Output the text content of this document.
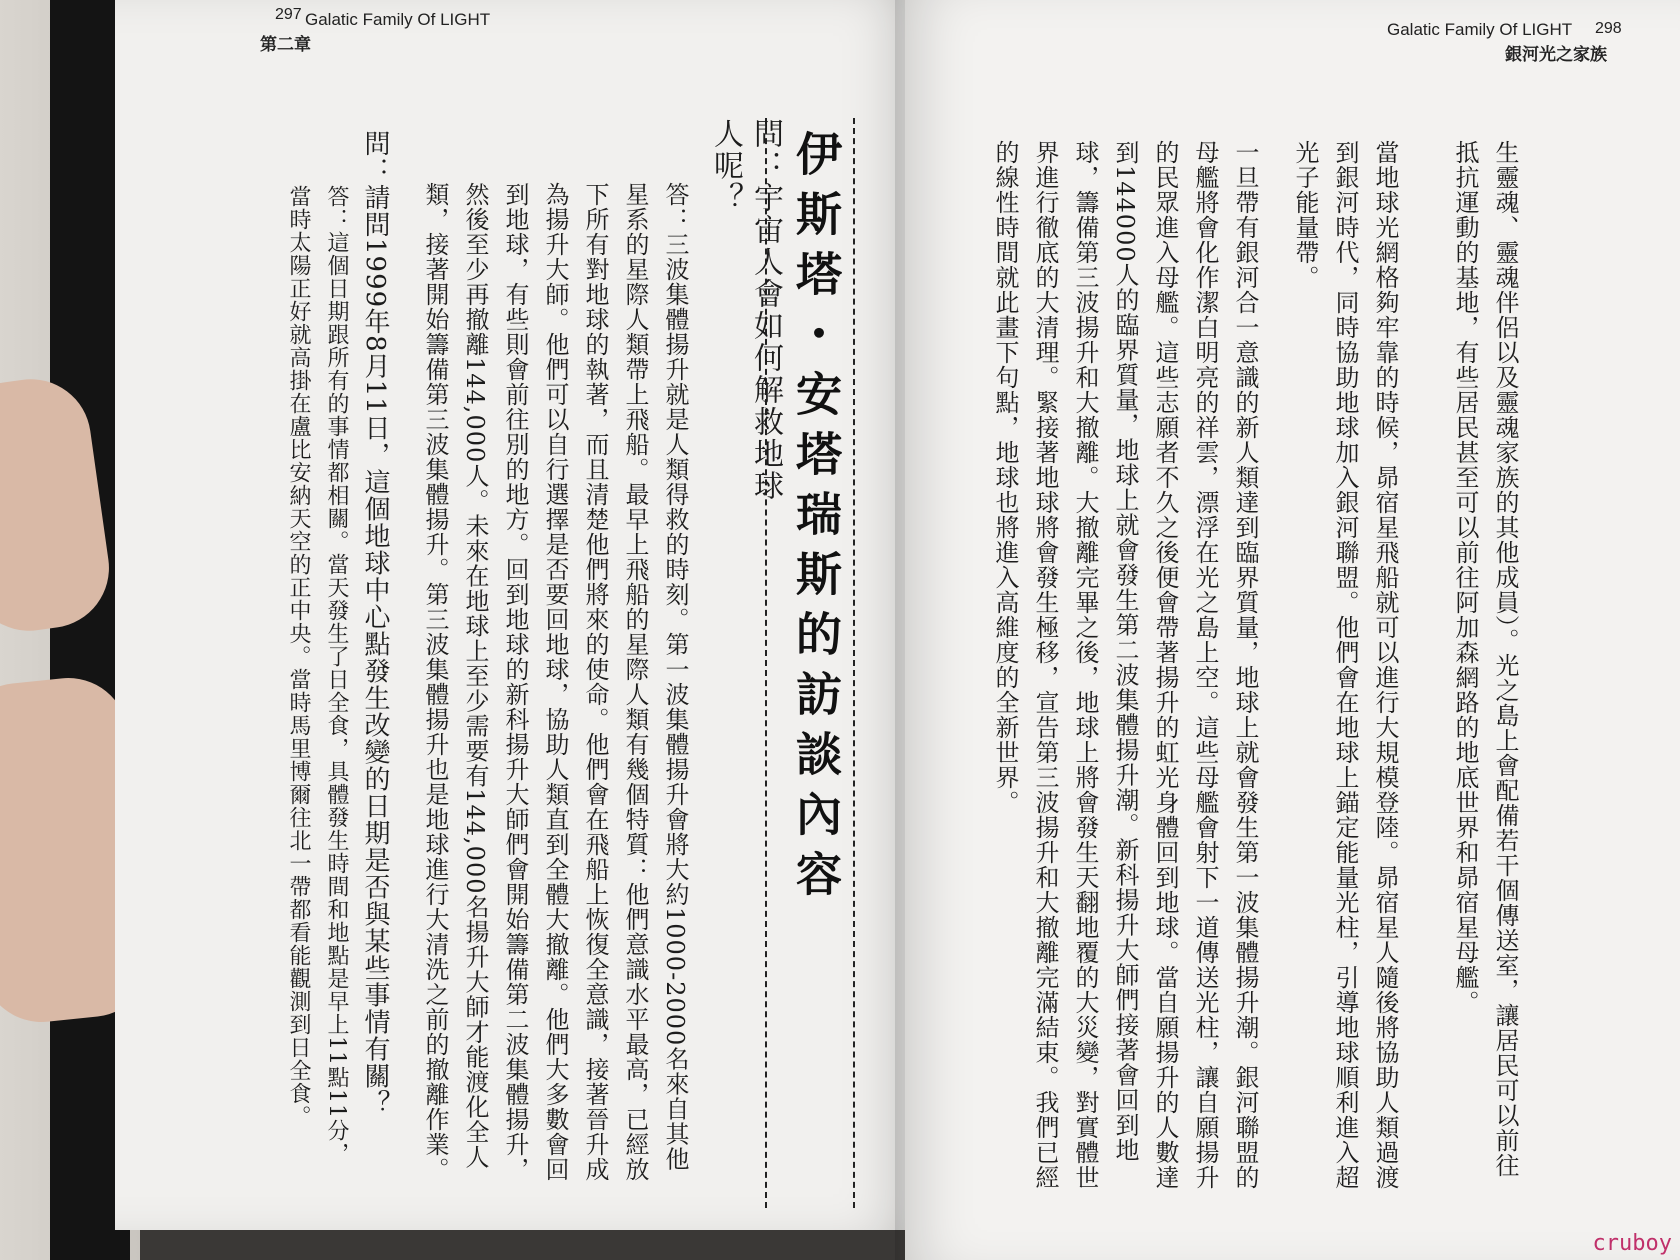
297 Galatic Family Of LIGHT
第二章
伊斯塔・安塔瑞斯的訪談內容
問：宇宙人會如何解救地球人呢？
答：三波集體揚升就是人類得救的時刻。第一波集體揚升會將大約1000-2000名來自其他星系的星際人類帶上飛船。最早上飛船的星際人類有幾個特質：他們意識水平最高，已經放下所有對地球的執著，而且清楚他們將來的使命。他們會在飛船上恢復全意識，接著晉升成為揚升大師。他們可以自行選擇是否要回地球，協助人類直到全體大撤離。他們大多數會回到地球，有些則會前往別的地方。回到地球的新科揚升大師們會開始籌備第二波集體揚升，然後至少再撤離144,000人。未來在地球上至少需要有144,000名揚升大師才能渡化全人類，接著開始籌備第三波集體揚升。第三波集體揚升也是地球進行大清洗之前的撤離作業。
問：請問1999年8月11日，這個地球中心點發生改變的日期是否與某些事情有關？
答：這個日期跟所有的事情都相關。當天發生了日全食，具體發生時間和地點是早上11點11分，當時太陽正好就高掛在盧比安納天空的正中央。當時馬里博爾往北一帶都看能觀測到日全食。
Galatic Family Of LIGHT 298
銀河光之家族
生靈魂、靈魂伴侶以及靈魂家族的其他成員）。光之島上會配備若干個傳送室，讓居民可以前往抵抗運動的基地，有些居民甚至可以前往阿加森網路的地底世界和昴宿星母艦。
當地球光網格夠牢靠的時候，昴宿星飛船就可以進行大規模登陸。昴宿星人隨後將協助人類過渡到銀河時代，同時協助地球加入銀河聯盟。他們會在地球上錨定能量光柱，引導地球順利進入超光子能量帶。
一旦帶有銀河合一意識的新人類達到臨界質量，地球上就會發生第一波集體揚升潮。銀河聯盟的母艦將會化作潔白明亮的祥雲，漂浮在光之島上空。這些母艦會射下一道傳送光柱，讓自願揚升的民眾進入母艦。這些志願者不久之後便會帶著揚升的虹光身體回到地球。當自願揚升的人數達到144000人的臨界質量，地球上就會發生第二波集體揚升潮。新科揚升大師們接著會回到地球，籌備第三波揚升和大撤離。大撤離完畢之後，地球上將會發生天翻地覆的大災變，對實體世界進行徹底的大清理。緊接著地球將會發生極移，宣告第三波揚升和大撤離完滿結束。我們已經的線性時間就此畫下句點，地球也將進入高維度的全新世界。
cruboy
